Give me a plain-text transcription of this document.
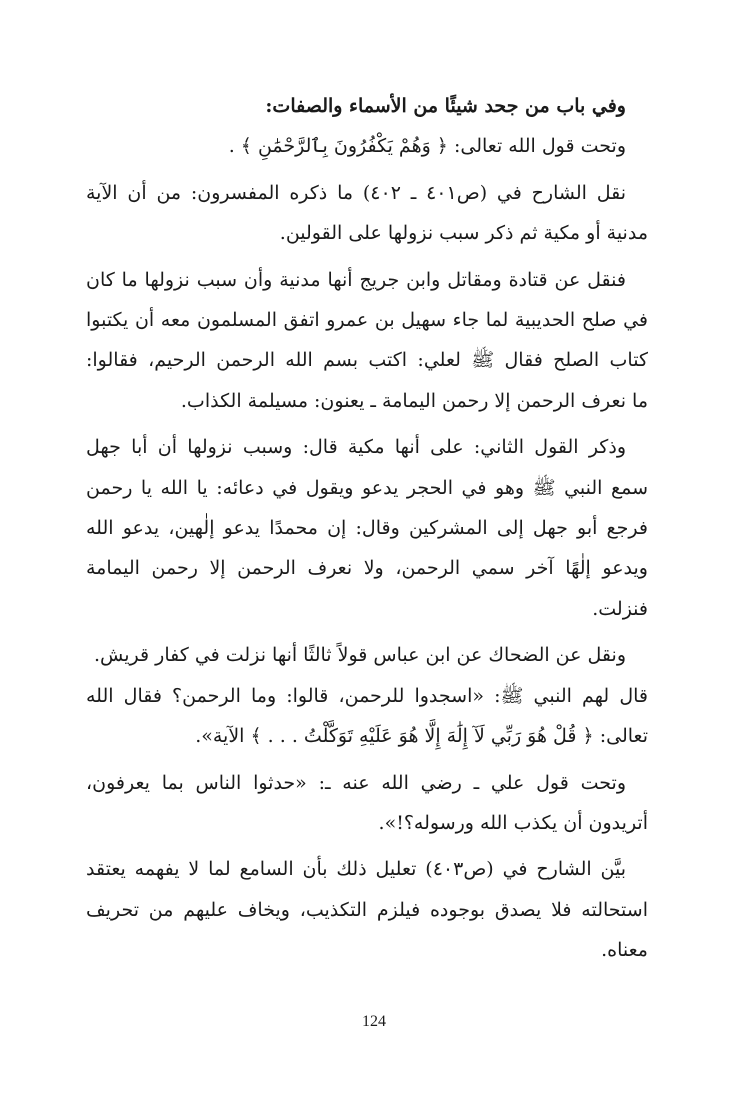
وفي باب من جحد شيئًا من الأسماء والصفات:
وتحت قول الله تعالى: ﴿ وَهُمْ يَكْفُرُونَ بِٱلرَّحْمَٰنِ ﴾ .
نقل الشارح في (ص٤٠١ ـ ٤٠٢) ما ذكره المفسرون: من أن الآية
مدنية أو مكية ثم ذكر سبب نزولها على القولين.
فنقل عن قتادة ومقاتل وابن جريج أنها مدنية وأن سبب نزولها ما كان
في صلح الحديبية لما جاء سهيل بن عمرو اتفق المسلمون معه أن يكتبوا
كتاب الصلح فقال ﷺ لعلي: اكتب بسم الله الرحمن الرحيم، فقالوا:
ما نعرف الرحمن إلا رحمن اليمامة ـ يعنون: مسيلمة الكذاب.
وذكر القول الثاني: على أنها مكية قال: وسبب نزولها أن أبا جهل
سمع النبي ﷺ وهو في الحجر يدعو ويقول في دعائه: يا الله يا رحمن
فرجع أبو جهل إلى المشركين وقال: إن محمدًا يدعو إلٰهين، يدعو الله
ويدعو إلٰهًا آخر سمي الرحمن، ولا نعرف الرحمن إلا رحمن اليمامة
فنزلت.
ونقل عن الضحاك عن ابن عباس قولاً ثالثًا أنها نزلت في كفار قريش.
قال لهم النبي ﷺ: «اسجدوا للرحمن، قالوا: وما الرحمن؟ فقال الله
تعالى: ﴿ قُلْ هُوَ رَبِّي لَآ إِلَٰهَ إِلَّا هُوَ عَلَيْهِ تَوَكَّلْتُ . . . ﴾ الآية».
وتحت قول علي ـ رضي الله عنه ـ: «حدثوا الناس بما يعرفون،
أتريدون أن يكذب الله ورسوله؟!».
بيَّن الشارح في (ص٤٠٣) تعليل ذلك بأن السامع لما لا يفهمه يعتقد
استحالته فلا يصدق بوجوده فيلزم التكذيب، ويخاف عليهم من تحريف
معناه.
124
